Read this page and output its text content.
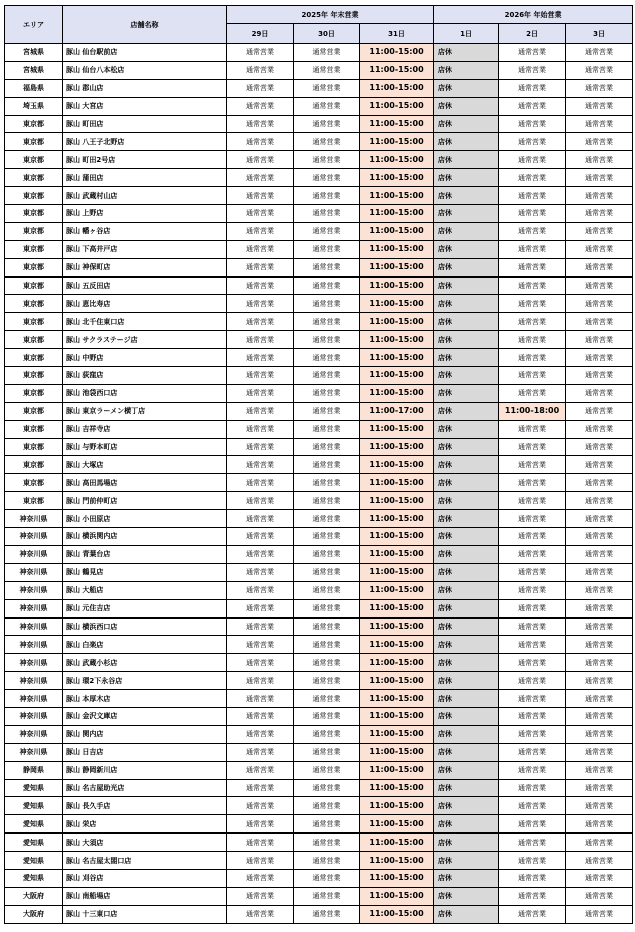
エリア	店舗名称	2025年 年末営業			2026年 年始営業		
		29日	30日	31日	1日	2日	3日
宮城県	豚山 仙台駅前店	通常営業	通常営業	11:00-15:00	店休	通常営業	通常営業
宮城県	豚山 仙台八本松店	通常営業	通常営業	11:00-15:00	店休	通常営業	通常営業
福島県	豚山 郡山店	通常営業	通常営業	11:00-15:00	店休	通常営業	通常営業
埼玉県	豚山 大宮店	通常営業	通常営業	11:00-15:00	店休	通常営業	通常営業
東京都	豚山 町田店	通常営業	通常営業	11:00-15:00	店休	通常営業	通常営業
東京都	豚山 八王子北野店	通常営業	通常営業	11:00-15:00	店休	通常営業	通常営業
東京都	豚山 町田2号店	通常営業	通常営業	11:00-15:00	店休	通常営業	通常営業
東京都	豚山 蒲田店	通常営業	通常営業	11:00-15:00	店休	通常営業	通常営業
東京都	豚山 武蔵村山店	通常営業	通常営業	11:00-15:00	店休	通常営業	通常営業
東京都	豚山 上野店	通常営業	通常営業	11:00-15:00	店休	通常営業	通常営業
東京都	豚山 幡ヶ谷店	通常営業	通常営業	11:00-15:00	店休	通常営業	通常営業
東京都	豚山 下高井戸店	通常営業	通常営業	11:00-15:00	店休	通常営業	通常営業
東京都	豚山 神保町店	通常営業	通常営業	11:00-15:00	店休	通常営業	通常営業
東京都	豚山 五反田店	通常営業	通常営業	11:00-15:00	店休	通常営業	通常営業
東京都	豚山 恵比寿店	通常営業	通常営業	11:00-15:00	店休	通常営業	通常営業
東京都	豚山 北千住東口店	通常営業	通常営業	11:00-15:00	店休	通常営業	通常営業
東京都	豚山 サクラステージ店	通常営業	通常営業	11:00-15:00	店休	通常営業	通常営業
東京都	豚山 中野店	通常営業	通常営業	11:00-15:00	店休	通常営業	通常営業
東京都	豚山 荻窪店	通常営業	通常営業	11:00-15:00	店休	通常営業	通常営業
東京都	豚山 池袋西口店	通常営業	通常営業	11:00-15:00	店休	通常営業	通常営業
東京都	豚山 東京ラーメン横丁店	通常営業	通常営業	11:00-17:00	店休	11:00-18:00	通常営業
東京都	豚山 吉祥寺店	通常営業	通常営業	11:00-15:00	店休	通常営業	通常営業
東京都	豚山 与野本町店	通常営業	通常営業	11:00-15:00	店休	通常営業	通常営業
東京都	豚山 大塚店	通常営業	通常営業	11:00-15:00	店休	通常営業	通常営業
東京都	豚山 高田馬場店	通常営業	通常営業	11:00-15:00	店休	通常営業	通常営業
東京都	豚山 門前仲町店	通常営業	通常営業	11:00-15:00	店休	通常営業	通常営業
神奈川県	豚山 小田原店	通常営業	通常営業	11:00-15:00	店休	通常営業	通常営業
神奈川県	豚山 横浜関内店	通常営業	通常営業	11:00-15:00	店休	通常営業	通常営業
神奈川県	豚山 青葉台店	通常営業	通常営業	11:00-15:00	店休	通常営業	通常営業
神奈川県	豚山 鶴見店	通常営業	通常営業	11:00-15:00	店休	通常営業	通常営業
神奈川県	豚山 大船店	通常営業	通常営業	11:00-15:00	店休	通常営業	通常営業
神奈川県	豚山 元住吉店	通常営業	通常営業	11:00-15:00	店休	通常営業	通常営業
神奈川県	豚山 横浜西口店	通常営業	通常営業	11:00-15:00	店休	通常営業	通常営業
神奈川県	豚山 白楽店	通常営業	通常営業	11:00-15:00	店休	通常営業	通常営業
神奈川県	豚山 武蔵小杉店	通常営業	通常営業	11:00-15:00	店休	通常営業	通常営業
神奈川県	豚山 環2下永谷店	通常営業	通常営業	11:00-15:00	店休	通常営業	通常営業
神奈川県	豚山 本厚木店	通常営業	通常営業	11:00-15:00	店休	通常営業	通常営業
神奈川県	豚山 金沢文庫店	通常営業	通常営業	11:00-15:00	店休	通常営業	通常営業
神奈川県	豚山 関内店	通常営業	通常営業	11:00-15:00	店休	通常営業	通常営業
神奈川県	豚山 日吉店	通常営業	通常営業	11:00-15:00	店休	通常営業	通常営業
静岡県	豚山 静岡新川店	通常営業	通常営業	11:00-15:00	店休	通常営業	通常営業
愛知県	豚山 名古屋助光店	通常営業	通常営業	11:00-15:00	店休	通常営業	通常営業
愛知県	豚山 長久手店	通常営業	通常営業	11:00-15:00	店休	通常営業	通常営業
愛知県	豚山 栄店	通常営業	通常営業	11:00-15:00	店休	通常営業	通常営業
愛知県	豚山 大須店	通常営業	通常営業	11:00-15:00	店休	通常営業	通常営業
愛知県	豚山 名古屋太閤口店	通常営業	通常営業	11:00-15:00	店休	通常営業	通常営業
愛知県	豚山 刈谷店	通常営業	通常営業	11:00-15:00	店休	通常営業	通常営業
大阪府	豚山 南船場店	通常営業	通常営業	11:00-15:00	店休	通常営業	通常営業
大阪府	豚山 十三東口店	通常営業	通常営業	11:00-15:00	店休	通常営業	通常営業
